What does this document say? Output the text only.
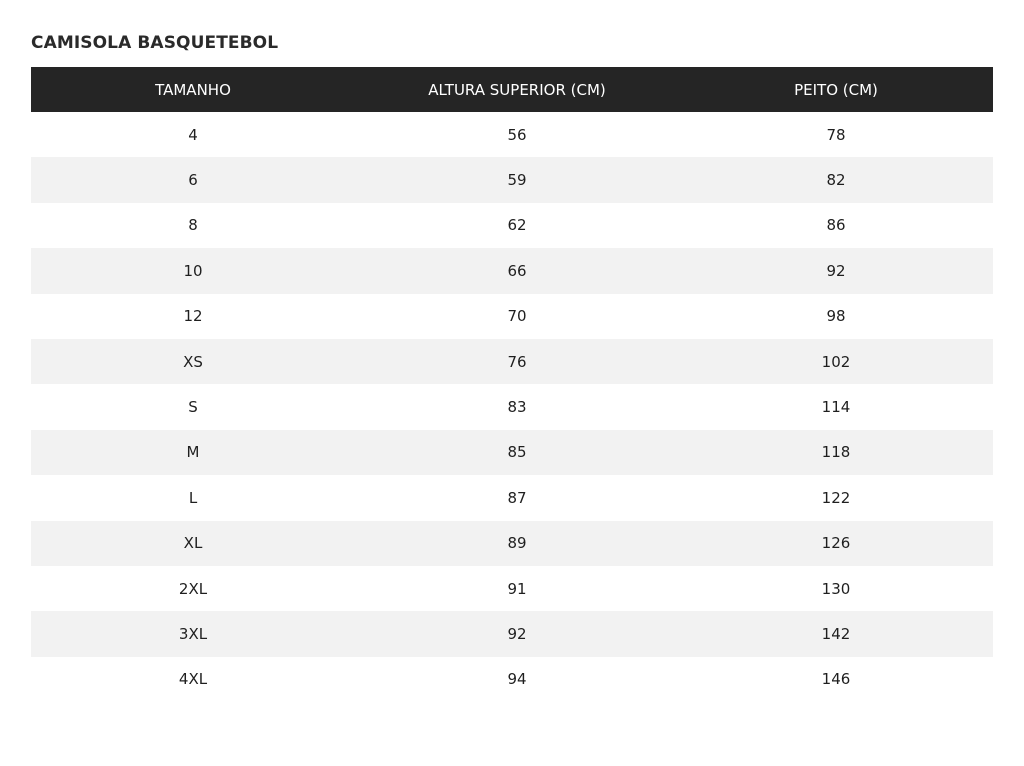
CAMISOLA BASQUETEBOL
TAMANHO	ALTURA SUPERIOR (CM)	PEITO (CM)
4	56	78
6	59	82
8	62	86
10	66	92
12	70	98
XS	76	102
S	83	114
M	85	118
L	87	122
XL	89	126
2XL	91	130
3XL	92	142
4XL	94	146
